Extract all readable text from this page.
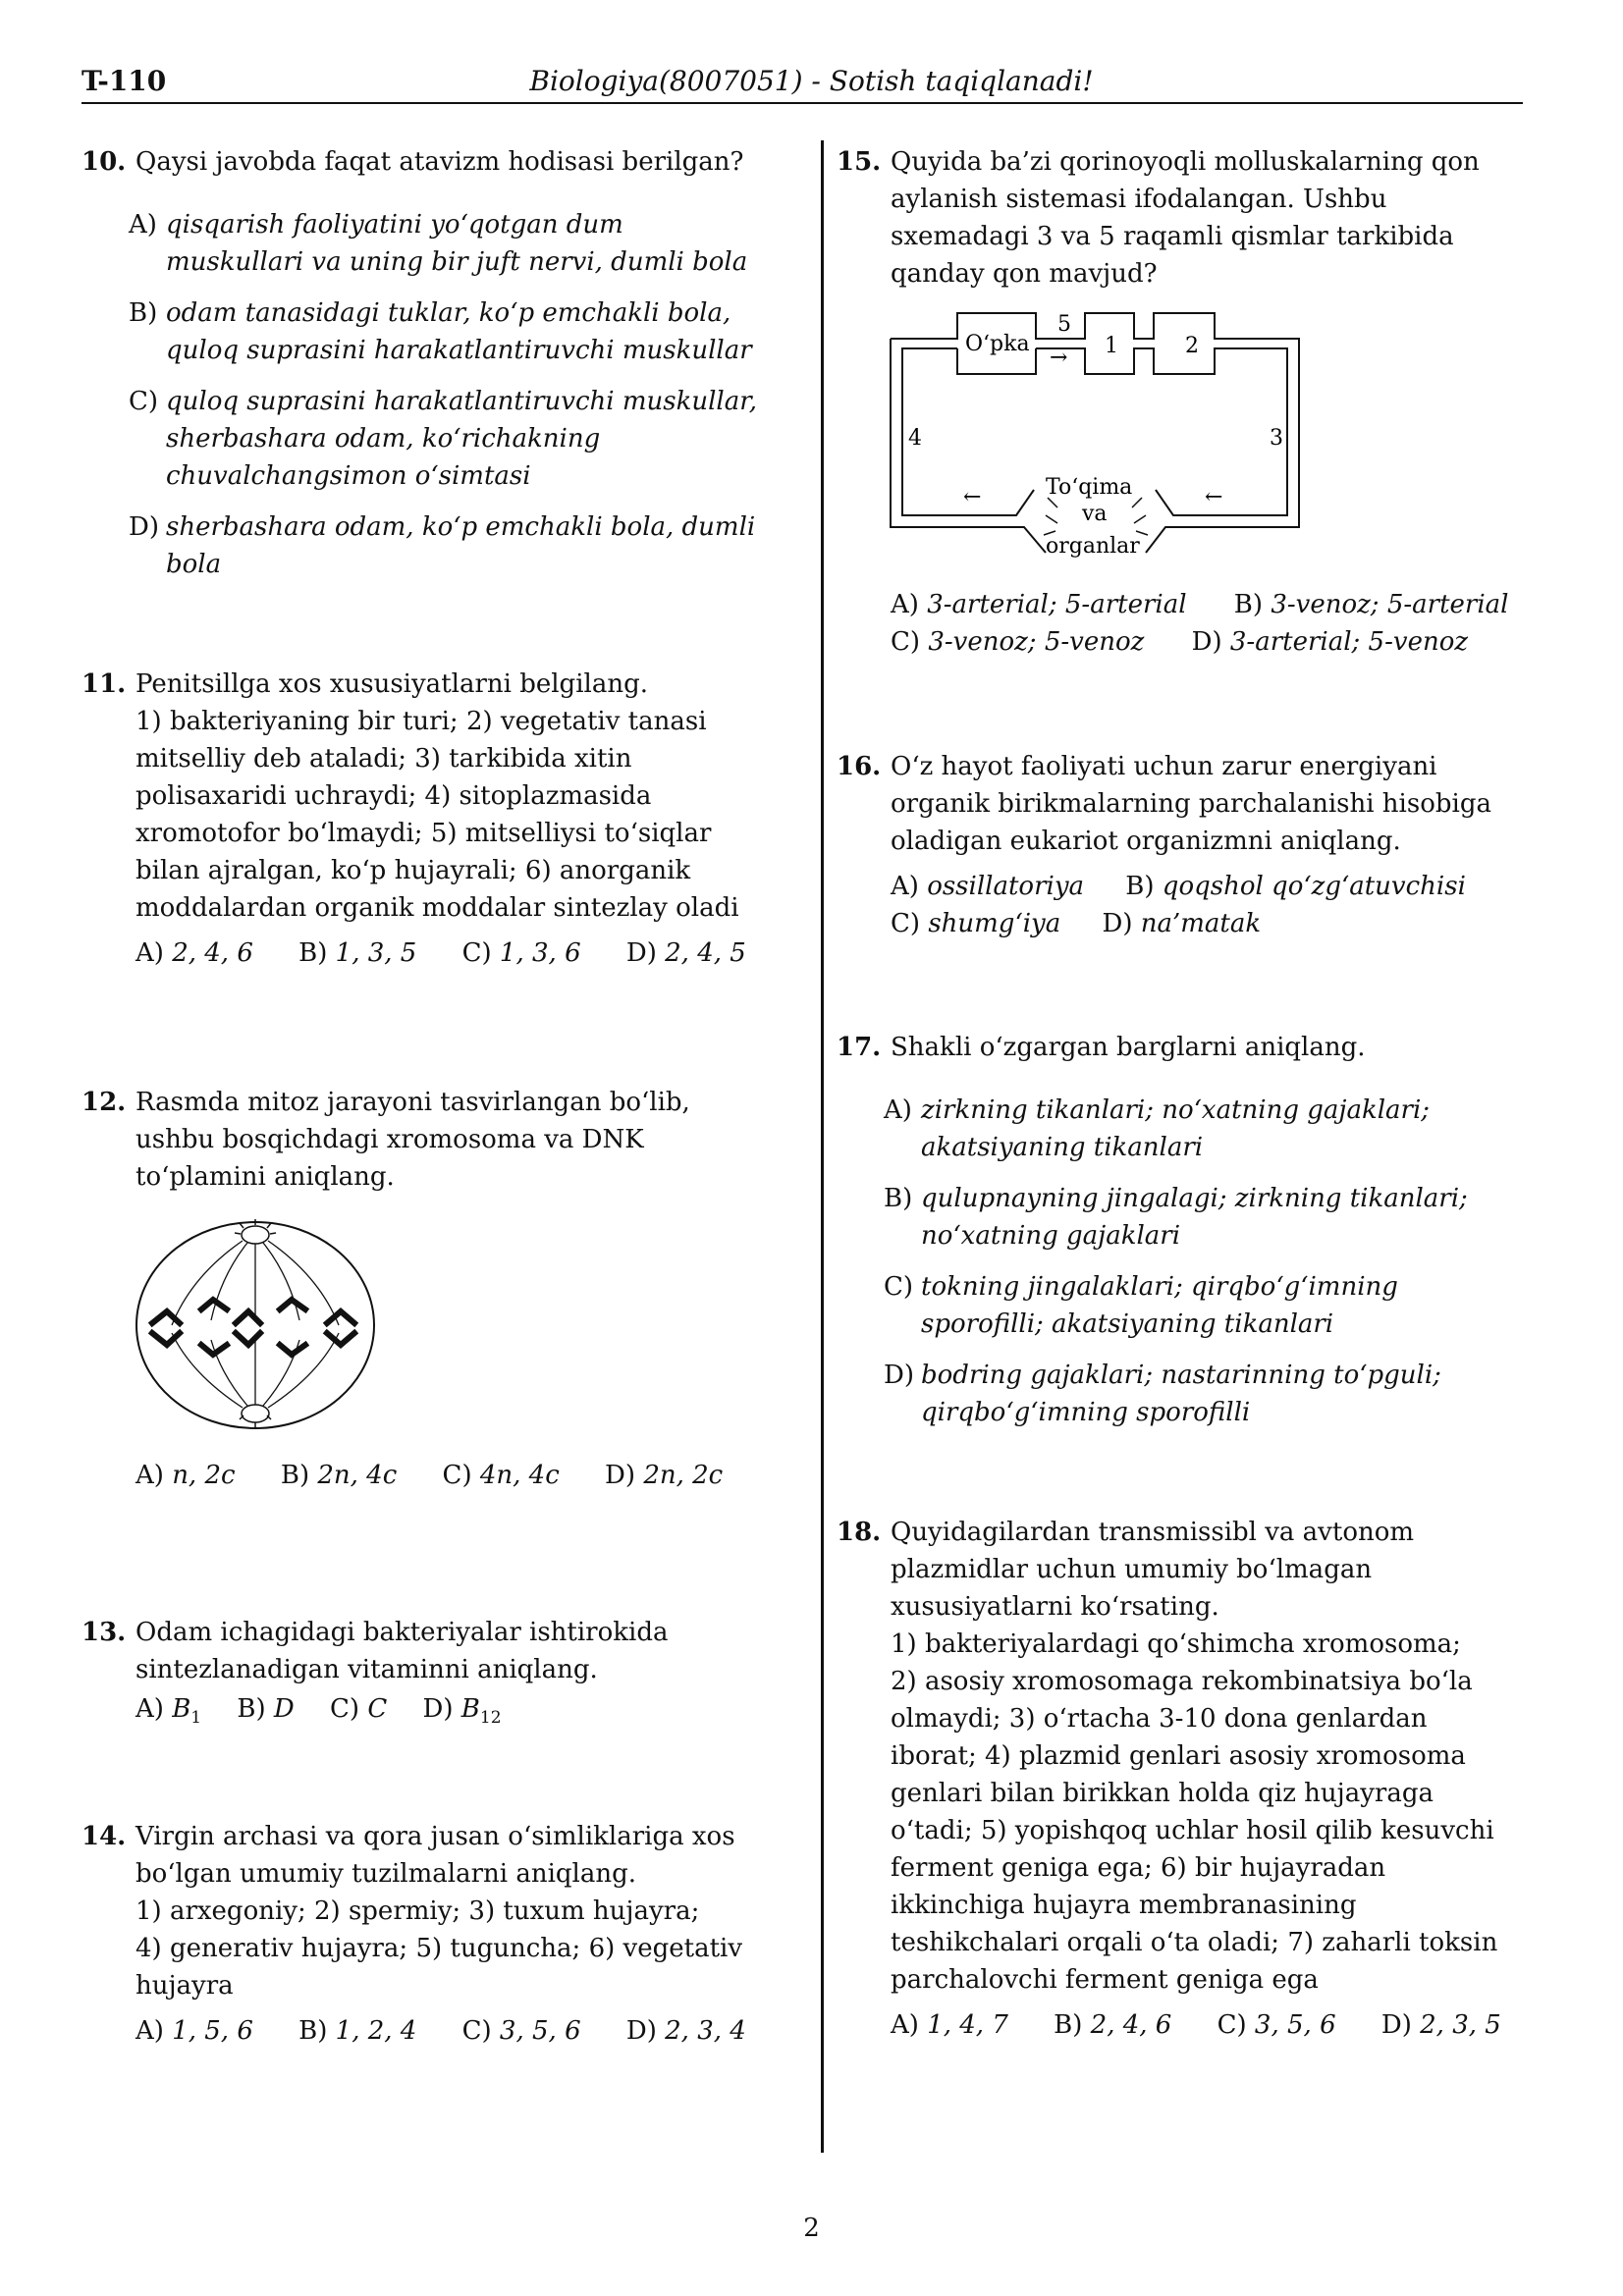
T-110	Biologiya(8007051) - Sotish taqiqlanadi!
10. Qaysi javobda faqat atavizm hodisasi berilgan?
A) qisqarish faoliyatini yo‘qotgan dum
muskullari va uning bir juft nervi, dumli bola
B) odam tanasidagi tuklar, ko‘p emchakli bola,
quloq suprasini harakatlantiruvchi muskullar
C) quloq suprasini harakatlantiruvchi muskullar,
sherbashara odam, ko‘richakning
chuvalchangsimon o‘simtasi
D) sherbashara odam, ko‘p emchakli bola, dumli
bola
11. Penitsillga xos xususiyatlarni belgilang.
1) bakteriyaning bir turi; 2) vegetativ tanasi
mitselliy deb ataladi; 3) tarkibida xitin
polisaxaridi uchraydi; 4) sitoplazmasida
xromotofor bo‘lmaydi; 5) mitselliysi to‘siqlar
bilan ajralgan, ko‘p hujayrali; 6) anorganik
moddalardan organik moddalar sintezlay oladi
A) 2, 4, 6 B) 1, 3, 5 C) 1, 3, 6 D) 2, 4, 5
12. Rasmda mitoz jarayoni tasvirlangan bo‘lib,
ushbu bosqichdagi xromosoma va DNK
to‘plamini aniqlang.
A) n, 2c B) 2n, 4c C) 4n, 4c D) 2n, 2c
13. Odam ichagidagi bakteriyalar ishtirokida
sintezlanadigan vitaminni aniqlang.
A) $B_1$ B) D C) C D) $B_{12}$
14. Virgin archasi va qora jusan o‘simliklariga xos
bo‘lgan umumiy tuzilmalarni aniqlang.
1) arxegoniy; 2) spermiy; 3) tuxum hujayra;
4) generativ hujayra; 5) tuguncha; 6) vegetativ
hujayra
A) 1, 5, 6 B) 1, 2, 4 C) 3, 5, 6 D) 2, 3, 4
15. Quyida ba’zi qorinoyoqli molluskalarning qon
aylanish sistemasi ifodalangan. Ushbu
sxemadagi 3 va 5 raqamli qismlar tarkibida
qanday qon mavjud?
O‘pka
5
→ 1	2
4	3
←	←
To‘qima
va
organlar
A) 3-arterial; 5-arterial B) 3-venoz; 5-arterial
C) 3-venoz; 5-venoz D) 3-arterial; 5-venoz
16. O‘z hayot faoliyati uchun zarur energiyani
organik birikmalarning parchalanishi hisobiga
oladigan eukariot organizmni aniqlang.
A) ossillatoriya B) qoqshol qo‘zg‘atuvchisi
C) shumg‘iya D) na’matak
17. Shakli o‘zgargan barglarni aniqlang.
A) zirkning tikanlari; no‘xatning gajaklari;
akatsiyaning tikanlari
B) qulupnayning jingalagi; zirkning tikanlari;
no‘xatning gajaklari
C) tokning jingalaklari; qirqbo‘g‘imning
sporofilli; akatsiyaning tikanlari
D) bodring gajaklari; nastarinning to‘pguli;
qirqbo‘g‘imning sporofilli
18. Quyidagilardan transmissibl va avtonom
plazmidlar uchun umumiy bo‘lmagan
xususiyatlarni ko‘rsating.
1) bakteriyalardagi qo‘shimcha xromosoma;
2) asosiy xromosomaga rekombinatsiya bo‘la
olmaydi; 3) o‘rtacha 3-10 dona genlardan
iborat; 4) plazmid genlari asosiy xromosoma
genlari bilan birikkan holda qiz hujayraga
o‘tadi; 5) yopishqoq uchlar hosil qilib kesuvchi
ferment geniga ega; 6) bir hujayradan
ikkinchiga hujayra membranasining
teshikchalari orqali o‘ta oladi; 7) zaharli toksin
parchalovchi ferment geniga ega
A) 1, 4, 7 B) 2, 4, 6 C) 3, 5, 6 D) 2, 3, 5
2
